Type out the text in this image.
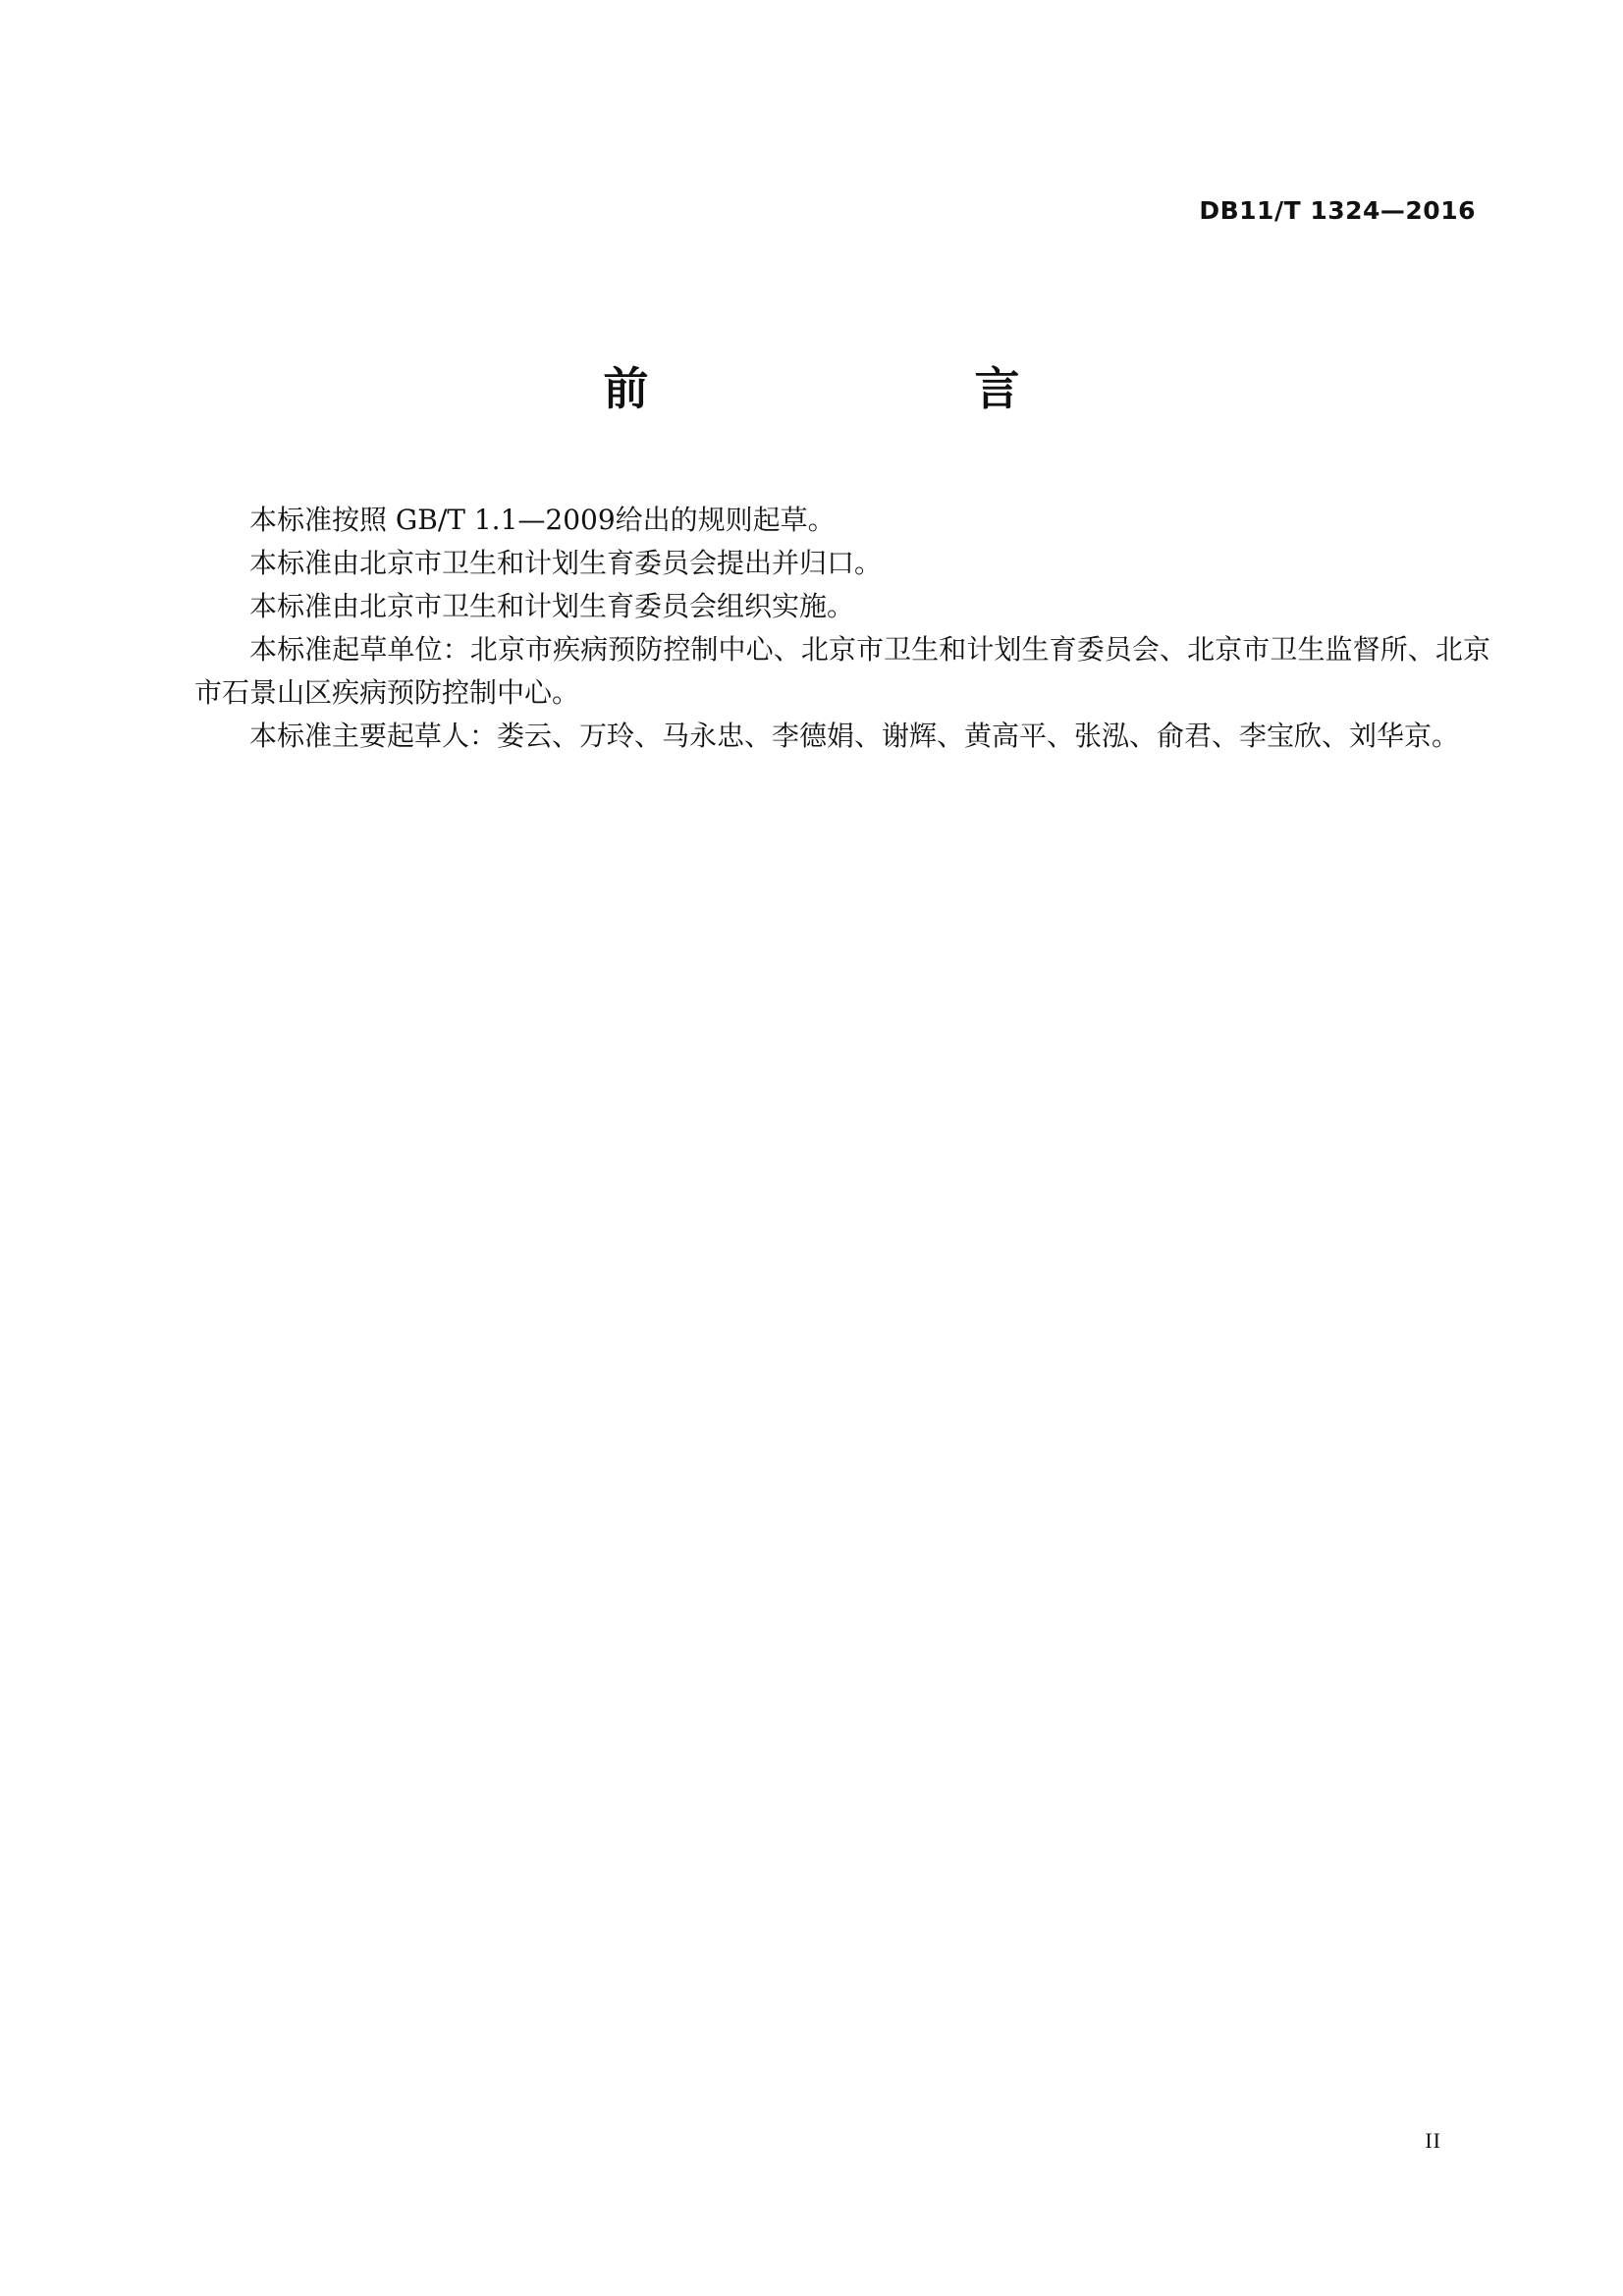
DB11/T 1324—2016
前　　言

本标准按照 GB/T 1.1—2009给出的规则起草。

本标准由北京市卫生和计划生育委员会提出并归口。

本标准由北京市卫生和计划生育委员会组织实施。

本标准起草单位：北京市疾病预防控制中心、北京市卫生和计划生育委员会、北京市卫生监督所、北京市石景山区疾病预防控制中心。

本标准主要起草人：娄云、万玲、马永忠、李德娟、谢辉、黄高平、张泓、俞君、李宝欣、刘华京。

II
